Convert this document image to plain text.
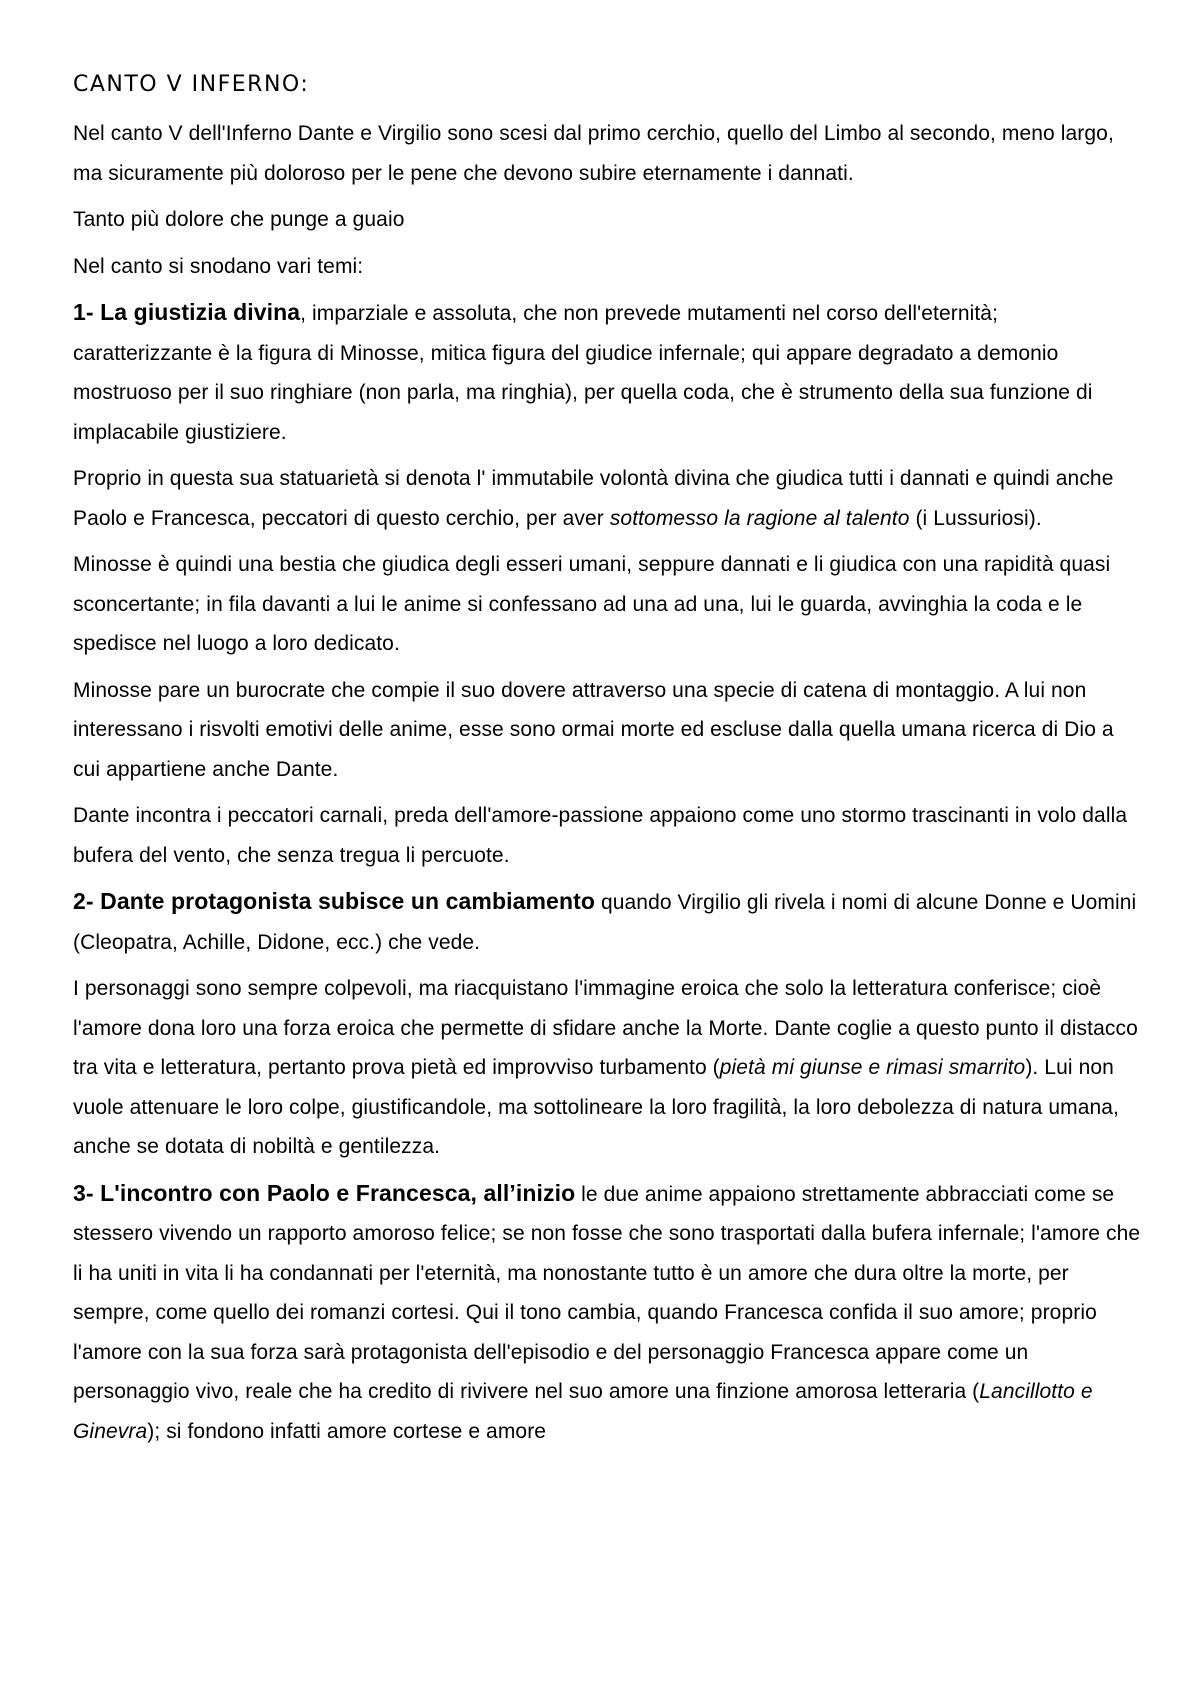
CANTO V INFERNO:

Nel canto V dell'Inferno Dante e Virgilio sono scesi dal primo cerchio, quello del Limbo al secondo, meno largo, ma sicuramente più doloroso per le pene che devono subire eternamente i dannati.

Tanto più dolore che punge a guaio

Nel canto si snodano vari temi:

1- La giustizia divina, imparziale e assoluta, che non prevede mutamenti nel corso dell'eternità; caratterizzante è la figura di Minosse, mitica figura del giudice infernale; qui appare degradato a demonio mostruoso per il suo ringhiare (non parla, ma ringhia), per quella coda, che è strumento della sua funzione di implacabile giustiziere.

Proprio in questa sua statuarietà si denota l' immutabile volontà divina che giudica tutti i dannati e quindi anche Paolo e Francesca, peccatori di questo cerchio, per aver sottomesso la ragione al talento (i Lussuriosi).

Minosse è quindi una bestia che giudica degli esseri umani, seppure dannati e li giudica con una rapidità quasi sconcertante; in fila davanti a lui le anime si confessano ad una ad una, lui le guarda, avvinghia la coda e le spedisce nel luogo a loro dedicato.

Minosse pare un burocrate che compie il suo dovere attraverso una specie di catena di montaggio. A lui non interessano i risvolti emotivi delle anime, esse sono ormai morte ed escluse dalla quella umana ricerca di Dio a cui appartiene anche Dante.

Dante incontra i peccatori carnali, preda dell'amore-passione appaiono come uno stormo trascinanti in volo dalla bufera del vento, che senza tregua li percuote.

2- Dante protagonista subisce un cambiamento quando Virgilio gli rivela i nomi di alcune Donne e Uomini (Cleopatra, Achille, Didone, ecc.) che vede.

I personaggi sono sempre colpevoli, ma riacquistano l'immagine eroica che solo la letteratura conferisce; cioè l'amore dona loro una forza eroica che permette di sfidare anche la Morte. Dante coglie a questo punto il distacco tra vita e letteratura, pertanto prova pietà ed improvviso turbamento (pietà mi giunse e rimasi smarrito). Lui non vuole attenuare le loro colpe, giustificandole, ma sottolineare la loro fragilità, la loro debolezza di natura umana, anche se dotata di nobiltà e gentilezza.

3- L'incontro con Paolo e Francesca, all’inizio le due anime appaiono strettamente abbracciati come se stessero vivendo un rapporto amoroso felice; se non fosse che sono trasportati dalla bufera infernale; l'amore che li ha uniti in vita li ha condannati per l'eternità, ma nonostante tutto è un amore che dura oltre la morte, per sempre, come quello dei romanzi cortesi. Qui il tono cambia, quando Francesca confida il suo amore; proprio l'amore con la sua forza sarà protagonista dell'episodio e del personaggio Francesca appare come un personaggio vivo, reale che ha credito di rivivere nel suo amore una finzione amorosa letteraria (Lancillotto e Ginevra); si fondono infatti amore cortese e amore
